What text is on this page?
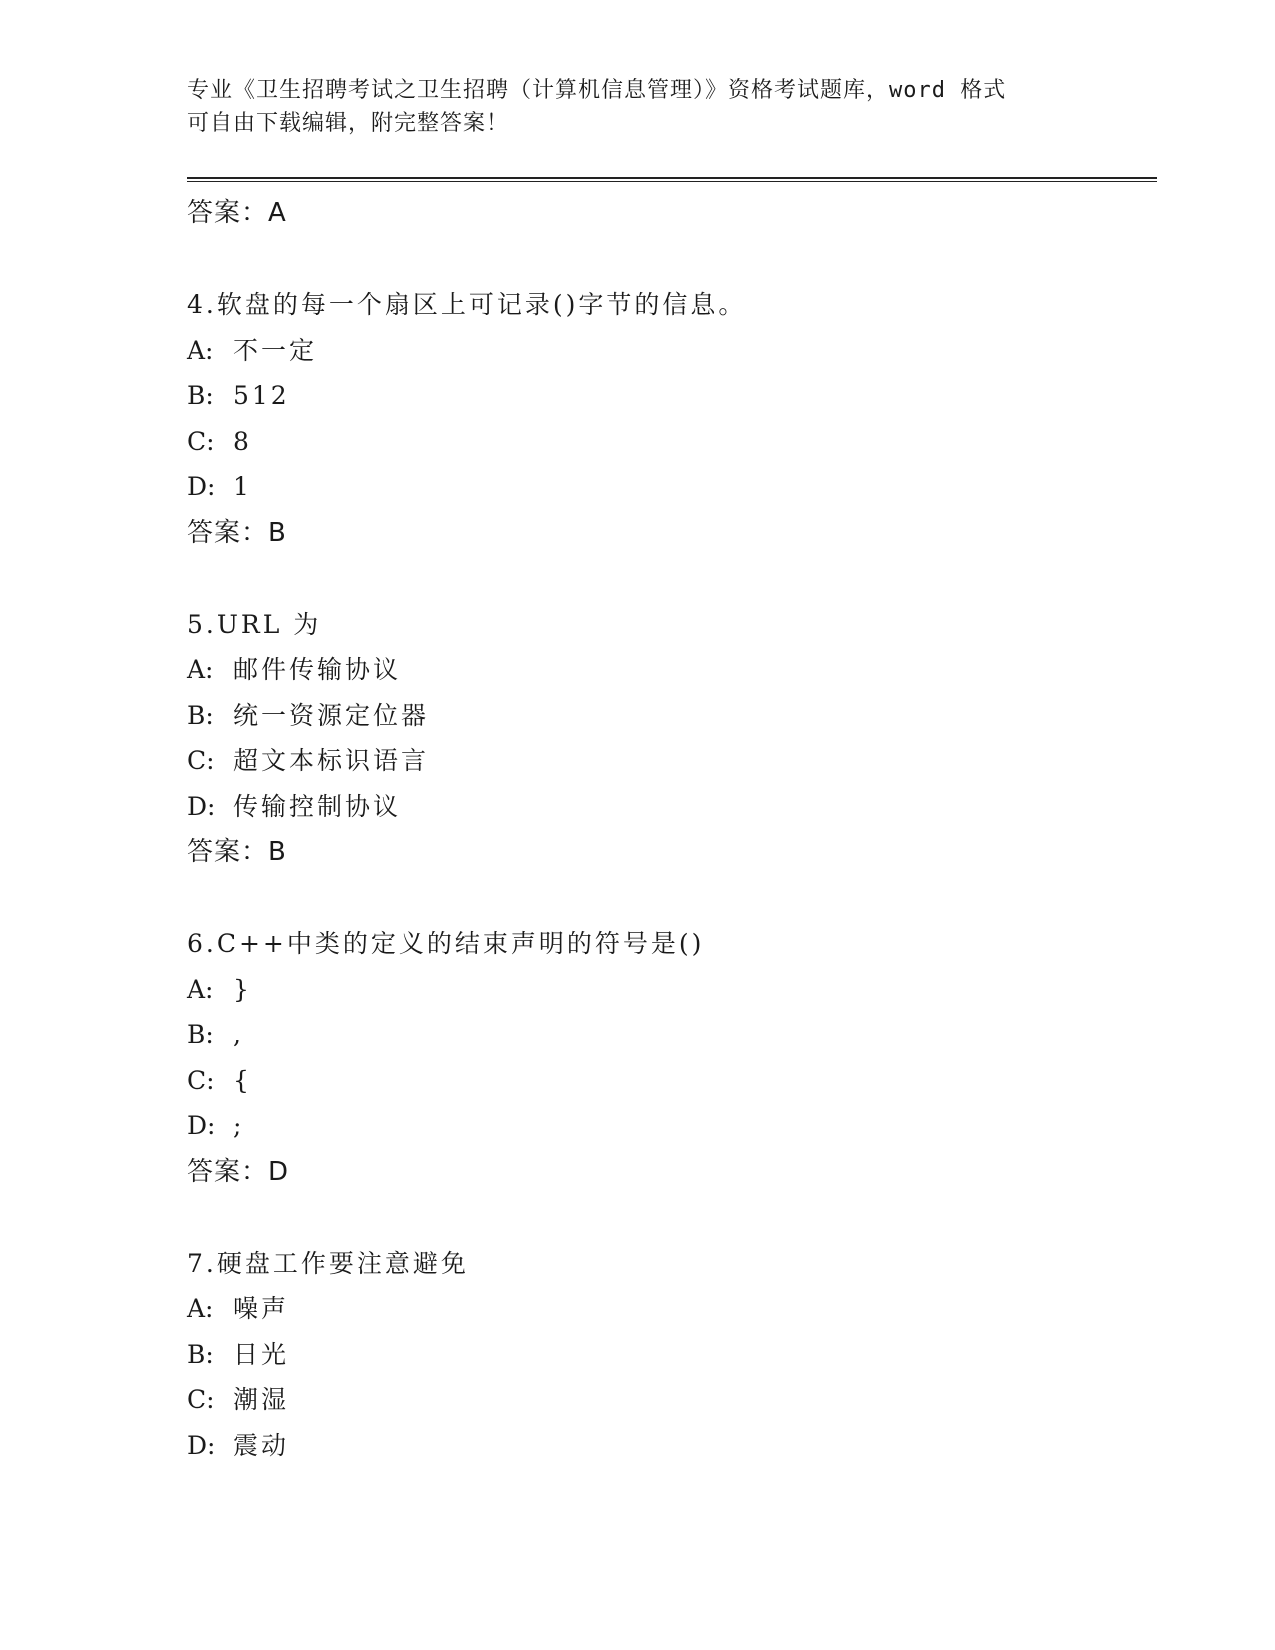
专业《卫生招聘考试之卫生招聘（计算机信息管理）》资格考试题库，word 格式
可自由下载编辑，附完整答案！
答案：A
4.软盘的每一个扇区上可记录()字节的信息。
A: 不一定
B: 512
C: 8
D: 1
答案：B
5.URL 为
A: 邮件传输协议
B: 统一资源定位器
C: 超文本标识语言
D: 传输控制协议
答案：B
6.C++中类的定义的结束声明的符号是()
A: }
B: ,
C: {
D: ;
答案：D
7.硬盘工作要注意避免
A: 噪声
B: 日光
C: 潮湿
D: 震动
